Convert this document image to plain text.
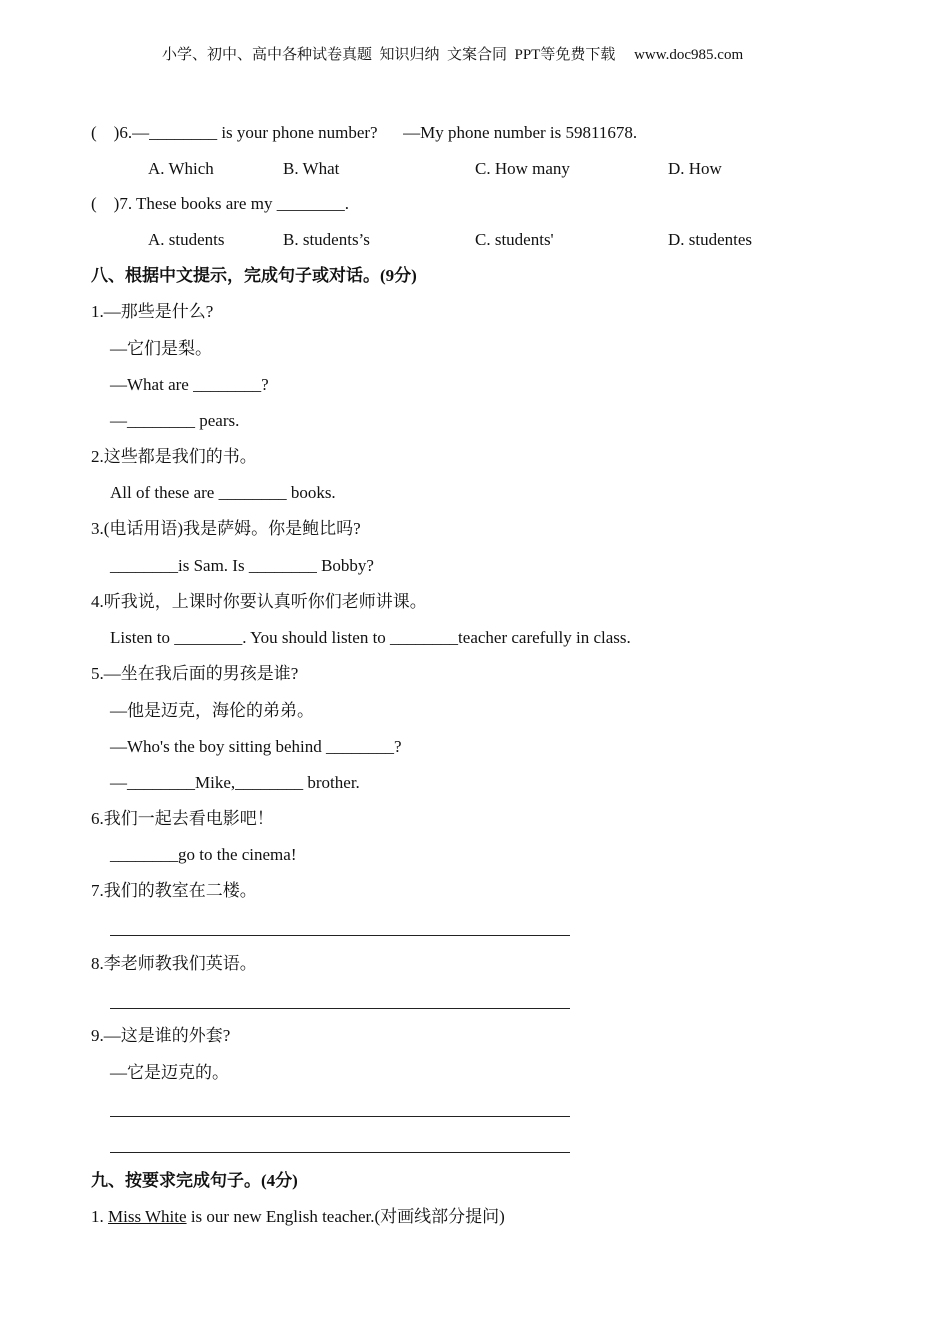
小学、初中、高中各种试卷真题  知识归纳  文案合同  PPT等免费下载     www.doc985.com
(    )6.—________ is your phone number?      —My phone number is 59811678.
A. Which	B. What	C. How many	D. How
(    )7. These books are my ________.
A. students	B. students’s	C. students'	D. studentes
八、根据中文提示，完成句子或对话。(9分)
1.—那些是什么?
—它们是梨。
—What are ________?
—________ pears.
2.这些都是我们的书。
All of these are ________ books.
3.(电话用语)我是萨姆。你是鲍比吗?
________is Sam. Is ________ Bobby?
4.听我说，上课时你要认真听你们老师讲课。
Listen to ________. You should listen to ________teacher carefully in class.
5.—坐在我后面的男孩是谁?
—他是迈克，海伦的弟弟。
—Who's the boy sitting behind ________?
—________Mike,________ brother.
6.我们一起去看电影吧！
________go to the cinema!
7.我们的教室在二楼。
8.李老师教我们英语。
9.—这是谁的外套?
—它是迈克的。
九、按要求完成句子。(4分)
1. Miss White is our new English teacher.(对画线部分提问)
